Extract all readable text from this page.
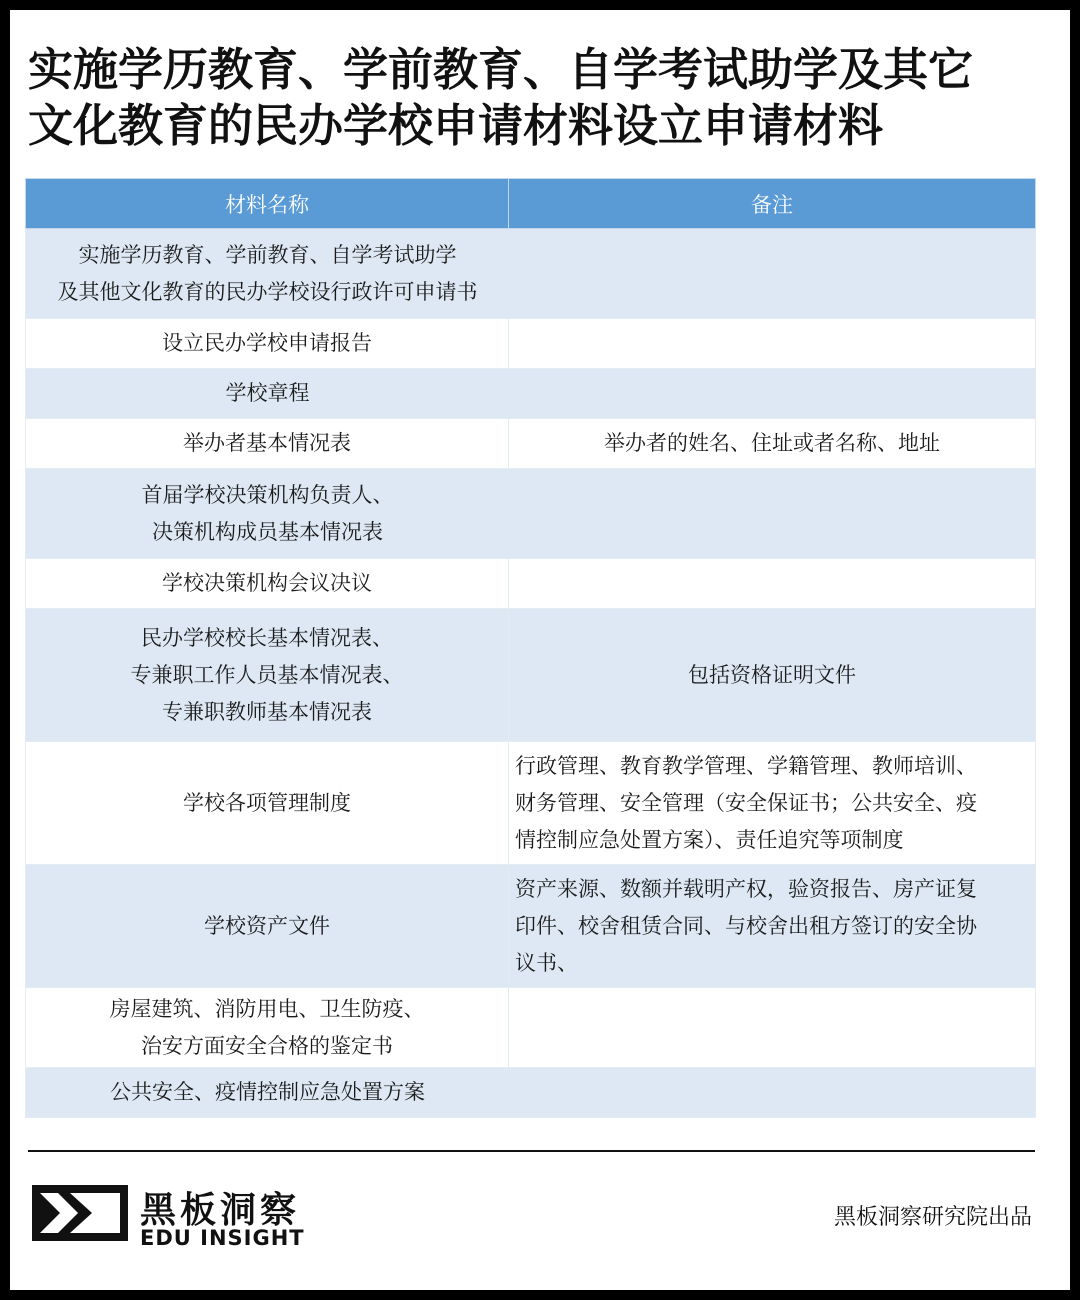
实施学历教育、学前教育、自学考试助学及其它
文化教育的民办学校申请材料设立申请材料
材料名称	备注

实施学历教育、学前教育、自学考试助学
及其他文化教育的民办学校设行政许可申请书	

设立民办学校申请报告	

学校章程	

举办者基本情况表	举办者的姓名、住址或者名称、地址

首届学校决策机构负责人、
决策机构成员基本情况表	

学校决策机构会议决议	

民办学校校长基本情况表、
专兼职工作人员基本情况表、
专兼职教师基本情况表	包括资格证明文件

学校各项管理制度	行政管理、教育教学管理、学籍管理、教师培训、
财务管理、安全管理（安全保证书；公共安全、疫
情控制应急处置方案）、责任追究等项制度

学校资产文件	资产来源、数额并载明产权，验资报告、房产证复
印件、校舍租赁合同、与校舍出租方签订的安全协
议书、

房屋建筑、消防用电、卫生防疫、
治安方面安全合格的鉴定书	

公共安全、疫情控制应急处置方案	
黑板洞察
EDU INSIGHT
黑板洞察研究院出品
